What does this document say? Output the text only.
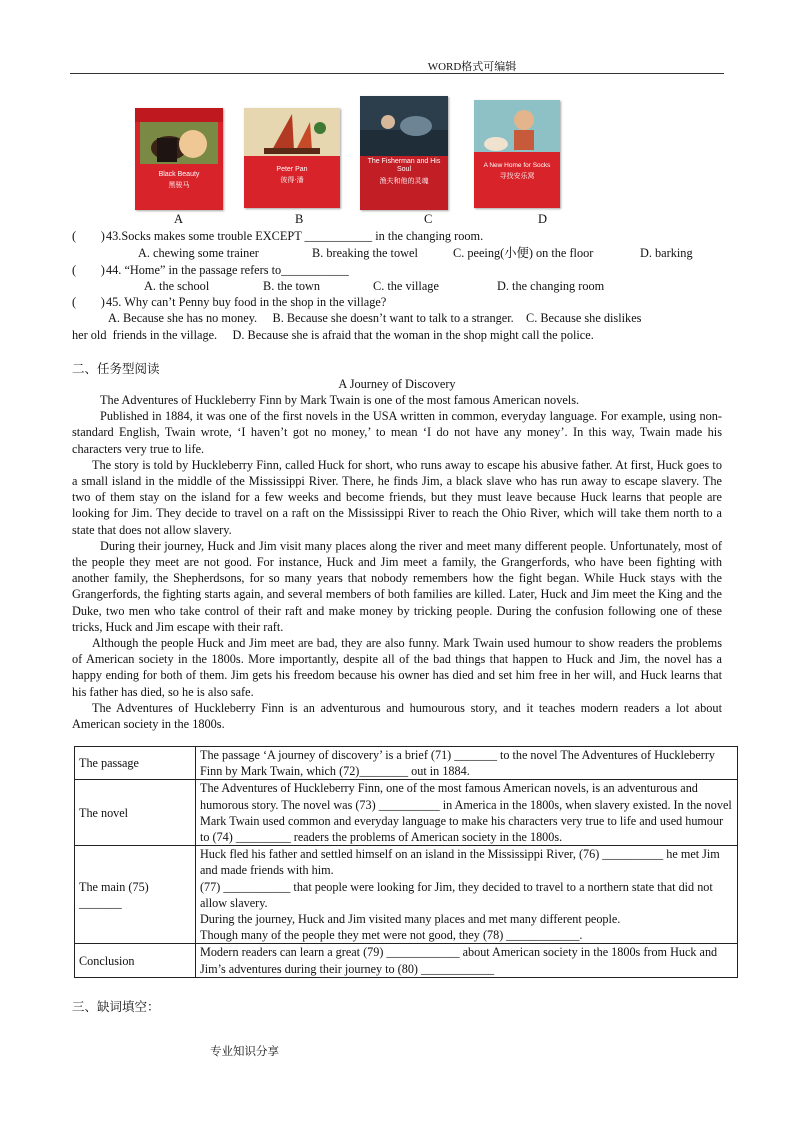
WORD格式可编辑
Black Beauty
黑骏马
Peter Pan
彼得·潘
The Fisherman and His Soul
渔夫和他的灵魂
A New Home for Socks
寻找安乐窝
A	B	C	D
(        ) 43.Socks makes some trouble EXCEPT ___________ in the changing room.
A. chewing some trainer	B. breaking the towel	C. peeing(小便) on the floor	D. barking
(        ) 44. “Home” in the passage refers to___________
A. the school	B. the town	C. the village	D. the changing room
(        ) 45. Why can’t Penny buy food in the shop in the village?
A. Because she has no money.     B. Because she doesn’t want to talk to a stranger.    C. Because she dislikes
her old  friends in the village.     D. Because she is afraid that the woman in the shop might call the police.
二、任务型阅读
A Journey of Discovery

The Adventures of Huckleberry Finn by Mark Twain is one of the most famous American novels.

Published in 1884, it was one of the first novels in the USA written in common, everyday language. For example, using non-standard English, Twain wrote, ‘I haven’t got no money,’ to mean ‘I do not have any money’. In this way, Twain made his characters very true to life.

The story is told by Huckleberry Finn, called Huck for short, who runs away to escape his abusive father. At first, Huck goes to a small island in the middle of the Mississippi River. There, he finds Jim, a black slave who has run away to escape slavery. The two of them stay on the island for a few weeks and become friends, but they must leave because Huck learns that people are looking for Jim. They decide to travel on a raft on the Mississippi River to reach the Ohio River, which will take them north to a state that does not allow slavery.

During their journey, Huck and Jim visit many places along the river and meet many different people. Unfortunately, most of the people they meet are not good. For instance, Huck and Jim meet a family, the Grangerfords, who have been fighting with another family, the Shepherdsons, for so many years that nobody remembers how the fight began. While Huck stays with the Grangerfords, the fighting starts again, and several members of both families are killed. Later, Huck and Jim meet the King and the Duke, two men who take control of their raft and make money by tricking people. During the confusion following one of these tricks, Huck and Jim escape with their raft.

Although the people Huck and Jim meet are bad, they are also funny. Mark Twain used humour to show readers the problems of American society in the 1800s. More importantly, despite all of the bad things that happen to Huck and Jim, the novel has a happy ending for both of them. Jim gets his freedom because his owner has died and set him free in her will, and Huck learns that his father has died, so he is also safe.

The Adventures of Huckleberry Finn is an adventurous and humourous story, and it teaches modern readers a lot about American society in the 1800s.

The passage	The passage ‘A journey of discovery’ is a brief (71) _______ to the novel The Adventures of Huckleberry Finn by Mark Twain, which (72)________ out in 1884.
The novel	The Adventures of Huckleberry Finn, one of the most famous American novels, is an adventurous and humorous story. The novel was (73) __________ in America in the 1800s, when slavery existed. In the novel Mark Twain used common and everyday language to make his characters very true to life and used humour to (74) _________ readers the problems of American society in the 1800s.
The main (75) _______	Huck fled his father and settled himself on an island in the Mississippi River, (76) __________ he met Jim and made friends with him.
(77) ___________ that people were looking for Jim, they decided to travel to a northern state that did not allow slavery.
During the journey, Huck and Jim visited many places and met many different people.
Though many of the people they met were not good, they (78) ____________.

Conclusion	Modern readers can learn a great (79) ____________ about American society in the 1800s from Huck and Jim’s adventures during their journey to (80) ____________
三、缺词填空：
专业知识分享
